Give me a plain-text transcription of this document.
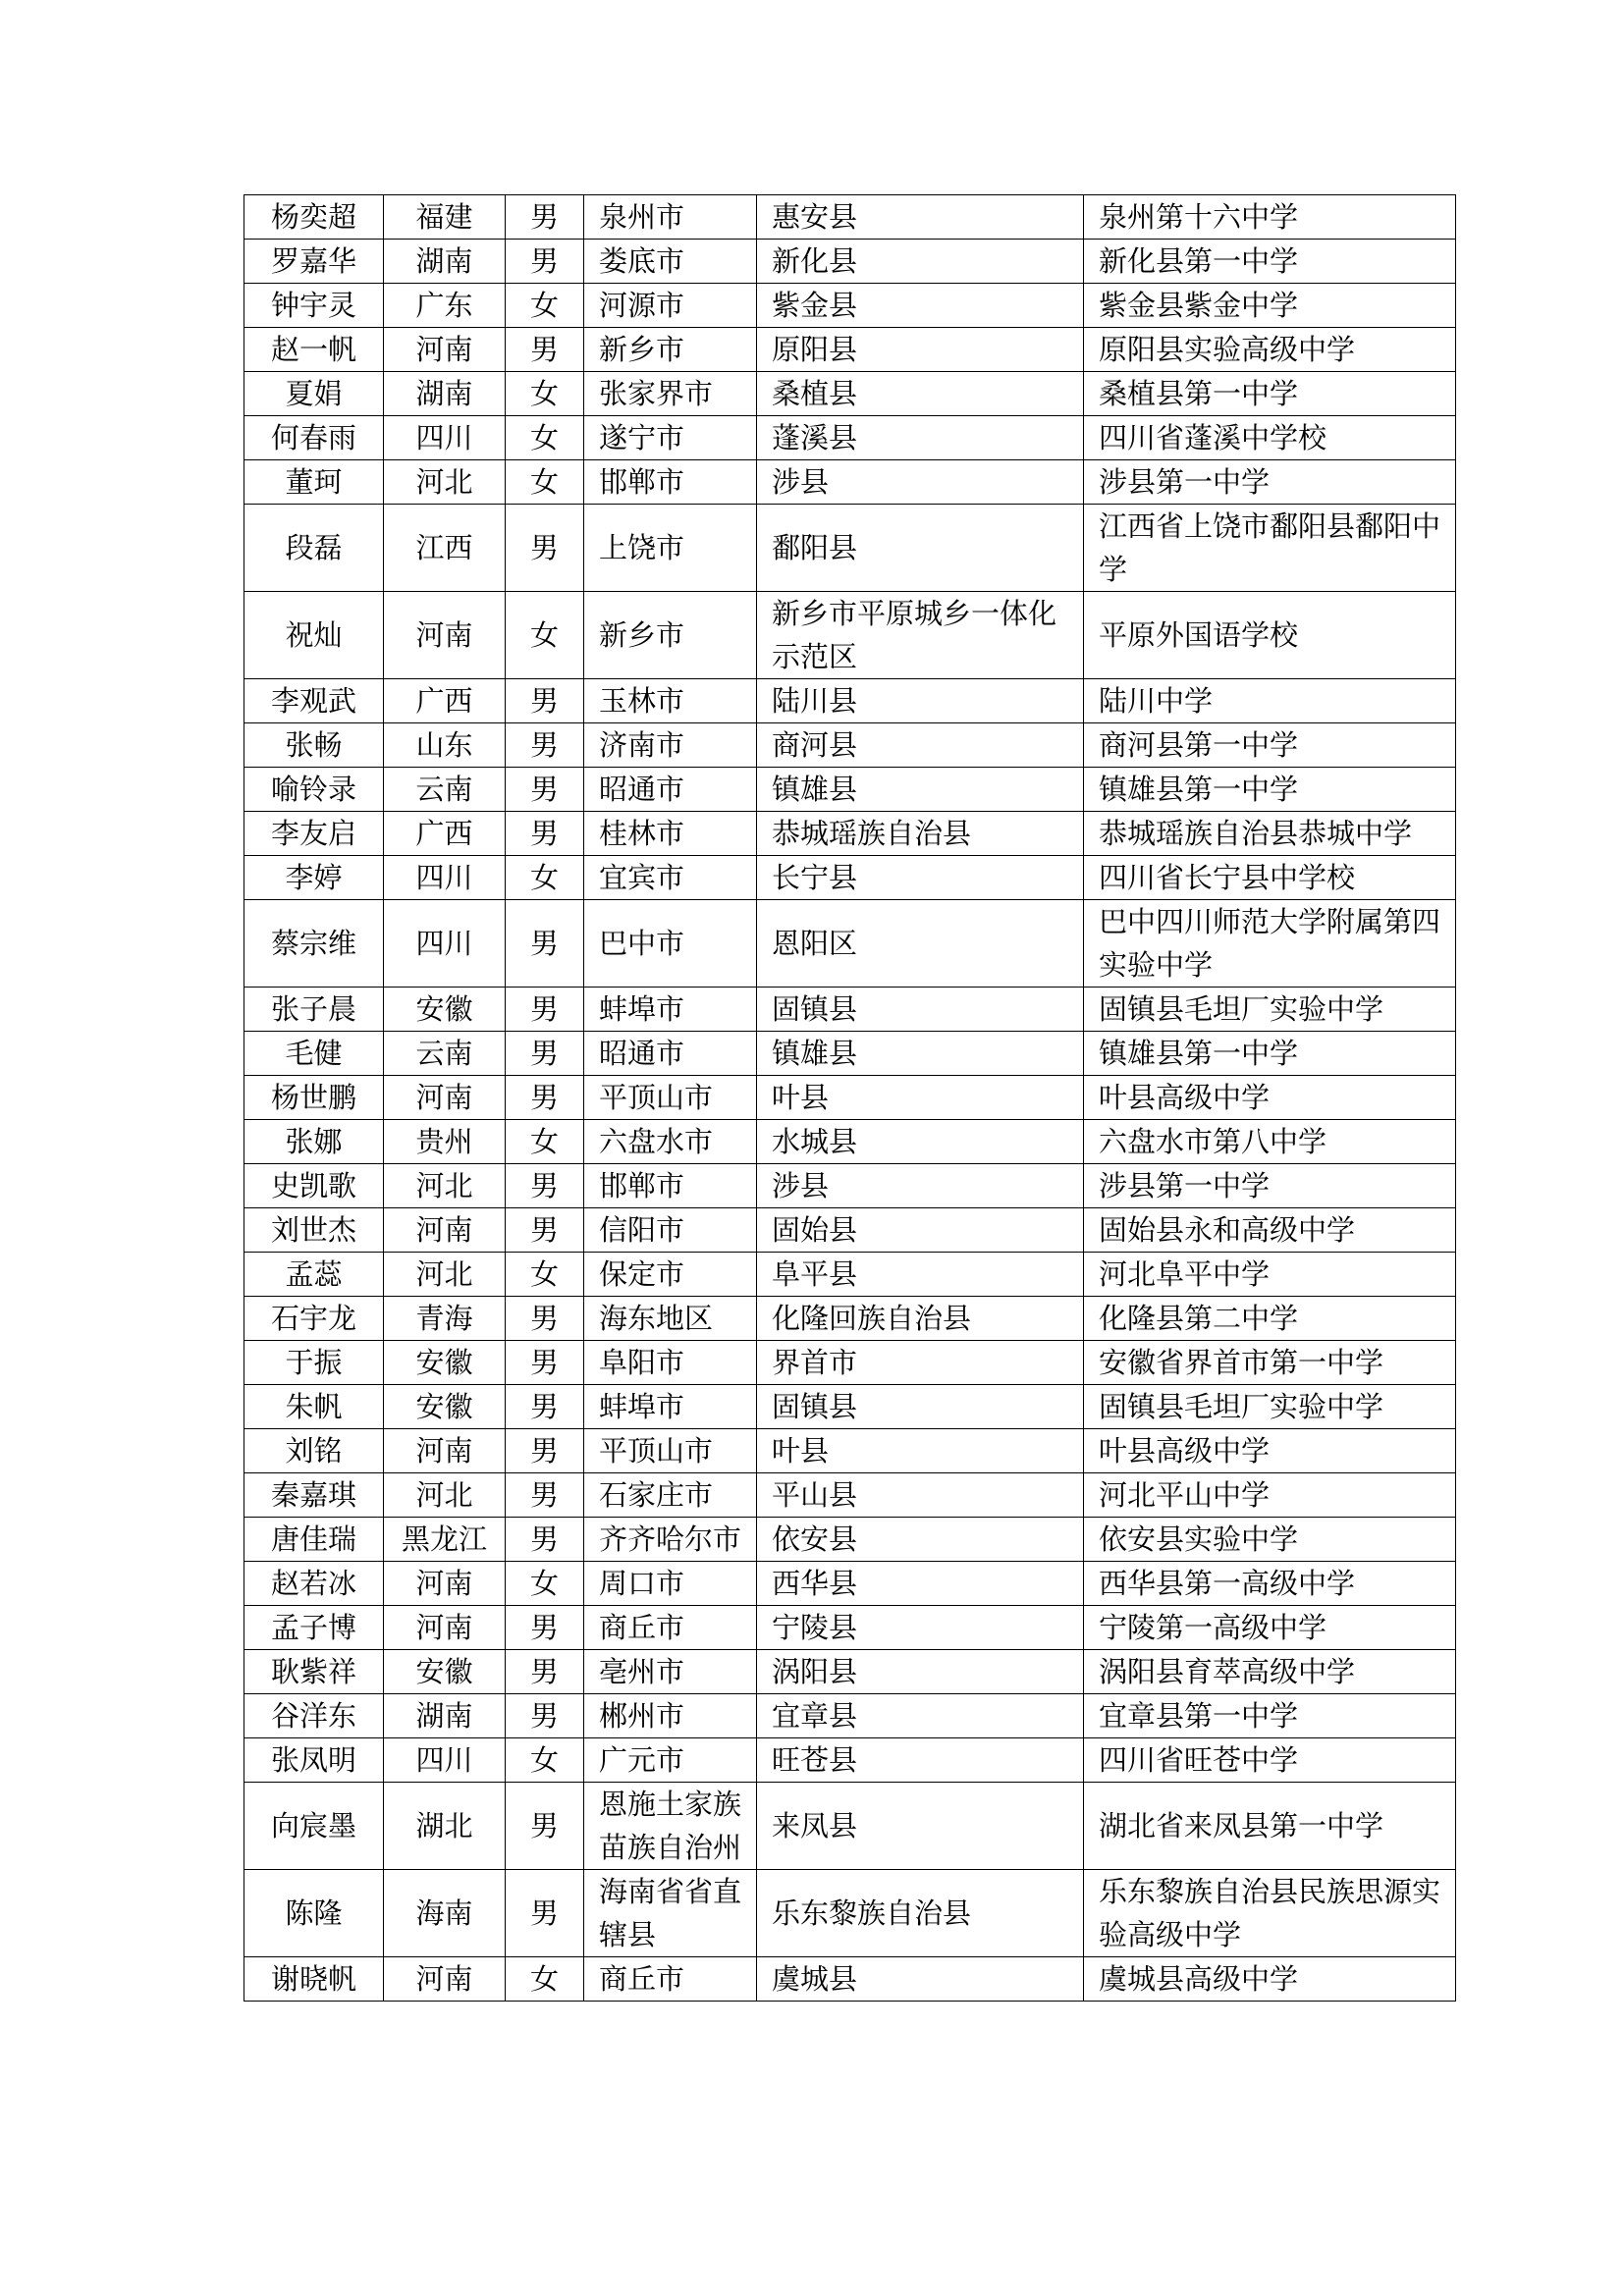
杨奕超	福建	男	泉州市	惠安县	泉州第十六中学
罗嘉华	湖南	男	娄底市	新化县	新化县第一中学
钟宇灵	广东	女	河源市	紫金县	紫金县紫金中学
赵一帆	河南	男	新乡市	原阳县	原阳县实验高级中学
夏娟	湖南	女	张家界市	桑植县	桑植县第一中学
何春雨	四川	女	遂宁市	蓬溪县	四川省蓬溪中学校
董珂	河北	女	邯郸市	涉县	涉县第一中学
段磊	江西	男	上饶市	鄱阳县	江西省上饶市鄱阳县鄱阳中学
祝灿	河南	女	新乡市	新乡市平原城乡一体化示范区	平原外国语学校
李观武	广西	男	玉林市	陆川县	陆川中学
张畅	山东	男	济南市	商河县	商河县第一中学
喻铃录	云南	男	昭通市	镇雄县	镇雄县第一中学
李友启	广西	男	桂林市	恭城瑶族自治县	恭城瑶族自治县恭城中学
李婷	四川	女	宜宾市	长宁县	四川省长宁县中学校
蔡宗维	四川	男	巴中市	恩阳区	巴中四川师范大学附属第四实验中学
张子晨	安徽	男	蚌埠市	固镇县	固镇县毛坦厂实验中学
毛健	云南	男	昭通市	镇雄县	镇雄县第一中学
杨世鹏	河南	男	平顶山市	叶县	叶县高级中学
张娜	贵州	女	六盘水市	水城县	六盘水市第八中学
史凯歌	河北	男	邯郸市	涉县	涉县第一中学
刘世杰	河南	男	信阳市	固始县	固始县永和高级中学
孟蕊	河北	女	保定市	阜平县	河北阜平中学
石宇龙	青海	男	海东地区	化隆回族自治县	化隆县第二中学
于振	安徽	男	阜阳市	界首市	安徽省界首市第一中学
朱帆	安徽	男	蚌埠市	固镇县	固镇县毛坦厂实验中学
刘铭	河南	男	平顶山市	叶县	叶县高级中学
秦嘉琪	河北	男	石家庄市	平山县	河北平山中学
唐佳瑞	黑龙江	男	齐齐哈尔市	依安县	依安县实验中学
赵若冰	河南	女	周口市	西华县	西华县第一高级中学
孟子博	河南	男	商丘市	宁陵县	宁陵第一高级中学
耿紫祥	安徽	男	亳州市	涡阳县	涡阳县育萃高级中学
谷洋东	湖南	男	郴州市	宜章县	宜章县第一中学
张凤明	四川	女	广元市	旺苍县	四川省旺苍中学
向宸墨	湖北	男	恩施土家族苗族自治州	来凤县	湖北省来凤县第一中学
陈隆	海南	男	海南省省直辖县	乐东黎族自治县	乐东黎族自治县民族思源实验高级中学
谢晓帆	河南	女	商丘市	虞城县	虞城县高级中学
